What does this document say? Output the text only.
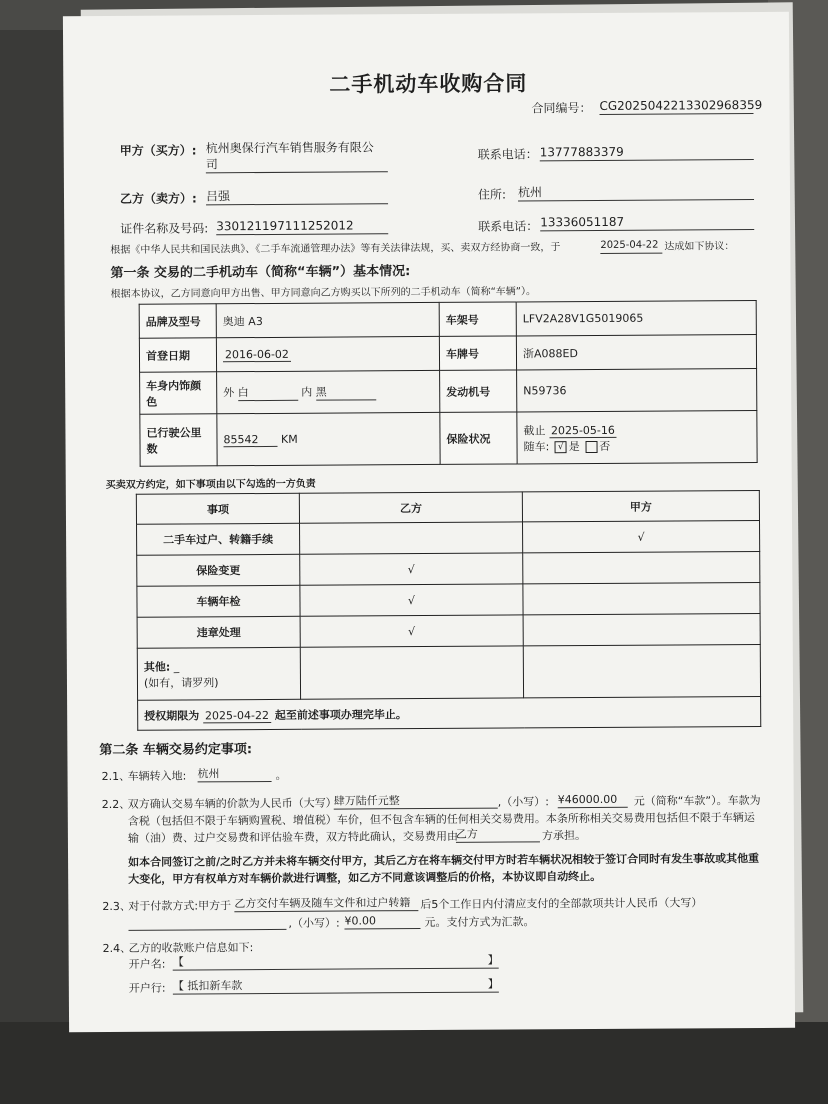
二手机动车收购合同
合同编号： CG2025042213302968359
甲方（买方）: 杭州奥保行汽车销售服务有限公
司
联系电话： 13777883379
乙方（卖方）: 吕强	住所: 杭州
证件名称及号码: 330121197111252012	联系电话： 13336051187
根据《中华人民共和国民法典》、《二手车流通管理办法》等有关法律法规，买、卖双方经协商一致，于	2025-04-22 达成如下协议：
第一条 交易的二手机动车（简称“车辆”）基本情况:
根据本协议，乙方同意向甲方出售、甲方同意向乙方购买以下所列的二手机动车（简称“车辆”）。
品牌及型号	奥迪 A3	车架号	LFV2A28V1G5019065
首登日期	2016-06-02	车牌号	浙A088ED
车身内饰颜
色	外 白 内 黑	发动机号	N59736
已行驶公里
数	85542 KM	保险状况	截止 2025-05-16
随车: √ 是 否
买卖双方约定，如下事项由以下勾选的一方负责
事项	乙方	甲方
二手车过户、转籍手续		√
保险变更	√	
车辆年检	√	
违章处理	√	
其他: _
(如有，请罗列)		
授权期限为 2025-04-22 起至前述事项办理完毕止。		
第二条 车辆交易约定事项:
2.1、
车辆转入地: 杭州	。
2.2、
双方确认交易车辆的价款为人民币（大写）
肆万陆仟元整	,（小写）: ¥46000.00	元（简称“车款”）。车款为
含税（包括但不限于车辆购置税、增值税）车价，但不包含车辆的任何相关交易费用。本条所称相关交易费用包括但不限于车辆运
输（油）费、过户交易费和评估验车费，双方特此确认，交易费用由
乙方	方承担。
如本合同签订之前/之时乙方并未将车辆交付甲方，其后乙方在将车辆交付甲方时若车辆状况相较于签订合同时有发生事故或其他重
大变化，甲方有权单方对车辆价款进行调整，如乙方不同意该调整后的价格，本协议即自动终止。
2.3、
对于付款方式:甲方于 乙方交付车辆及随车文件和过户转籍 后5个工作日内付清应支付的全部款项共计人民币（大写）
,（小写）: ¥0.00	元。支付方式为汇款。
2.4、
乙方的收款账户信息如下:
开户名: 【	】
开户行: 【 抵扣新车款	】
